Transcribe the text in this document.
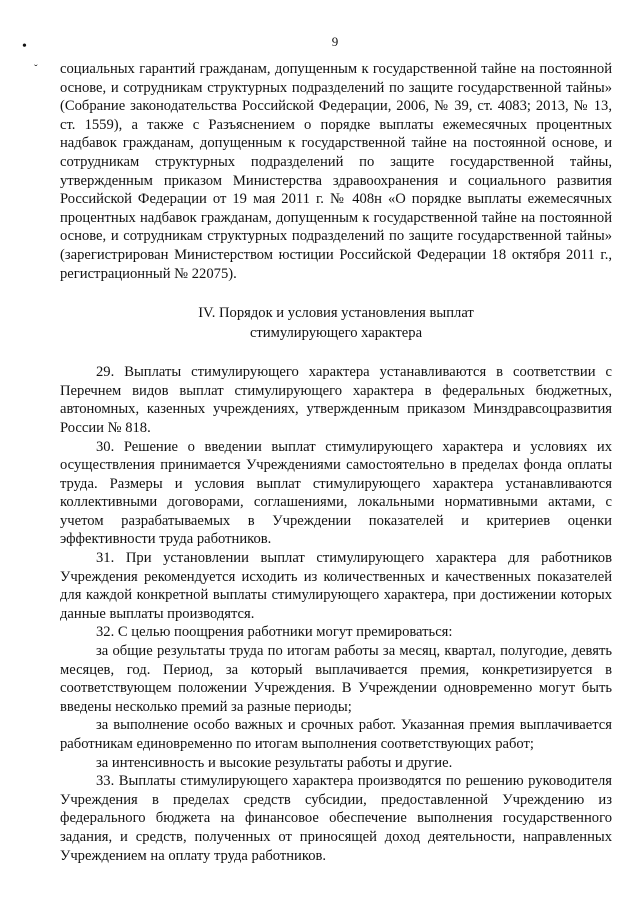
9
•
ˇ социальных гарантий гражданам, допущенным к государственной тайне на постоянной основе, и сотрудникам структурных подразделений по защите государственной тайны» (Собрание законодательства Российской Федерации, 2006, № 39, ст. 4083; 2013, № 13, ст. 1559), а также с Разъяснением о порядке выплаты ежемесячных процентных надбавок гражданам, допущенным к государственной тайне на постоянной основе, и сотрудникам структурных подразделений по защите государственной тайны, утвержденным приказом Министерства здравоохранения и социального развития Российской Федерации от 19 мая 2011 г. № 408н «О порядке выплаты ежемесячных процентных надбавок гражданам, допущенным к государственной тайне на постоянной основе, и сотрудникам структурных подразделений по защите государственной тайны» (зарегистрирован Министерством юстиции Российской Федерации 18 октября 2011 г., регистрационный № 22075).

IV. Порядок и условия установления выплат
стимулирующего характера

29. Выплаты стимулирующего характера устанавливаются в соответствии с Перечнем видов выплат стимулирующего характера в федеральных бюджетных, автономных, казенных учреждениях, утвержденным приказом Минздравсоцразвития России № 818.

30. Решение о введении выплат стимулирующего характера и условиях их осуществления принимается Учреждениями самостоятельно в пределах фонда оплаты труда. Размеры и условия выплат стимулирующего характера устанавливаются коллективными договорами, соглашениями, локальными нормативными актами, с учетом разрабатываемых в Учреждении показателей и критериев оценки эффективности труда работников.

31. При установлении выплат стимулирующего характера для работников Учреждения рекомендуется исходить из количественных и качественных показателей для каждой конкретной выплаты стимулирующего характера, при достижении которых данные выплаты производятся.

32. С целью поощрения работники могут премироваться:

за общие результаты труда по итогам работы за месяц, квартал, полугодие, девять месяцев, год. Период, за который выплачивается премия, конкретизируется в соответствующем положении Учреждения. В Учреждении одновременно могут быть введены несколько премий за разные периоды;

за выполнение особо важных и срочных работ. Указанная премия выплачивается работникам единовременно по итогам выполнения соответствующих работ;

за интенсивность и высокие результаты работы и другие.

33. Выплаты стимулирующего характера производятся по решению руководителя Учреждения в пределах средств субсидии, предоставленной Учреждению из федерального бюджета на финансовое обеспечение выполнения государственного задания, и средств, полученных от приносящей доход деятельности, направленных Учреждением на оплату труда работников.
